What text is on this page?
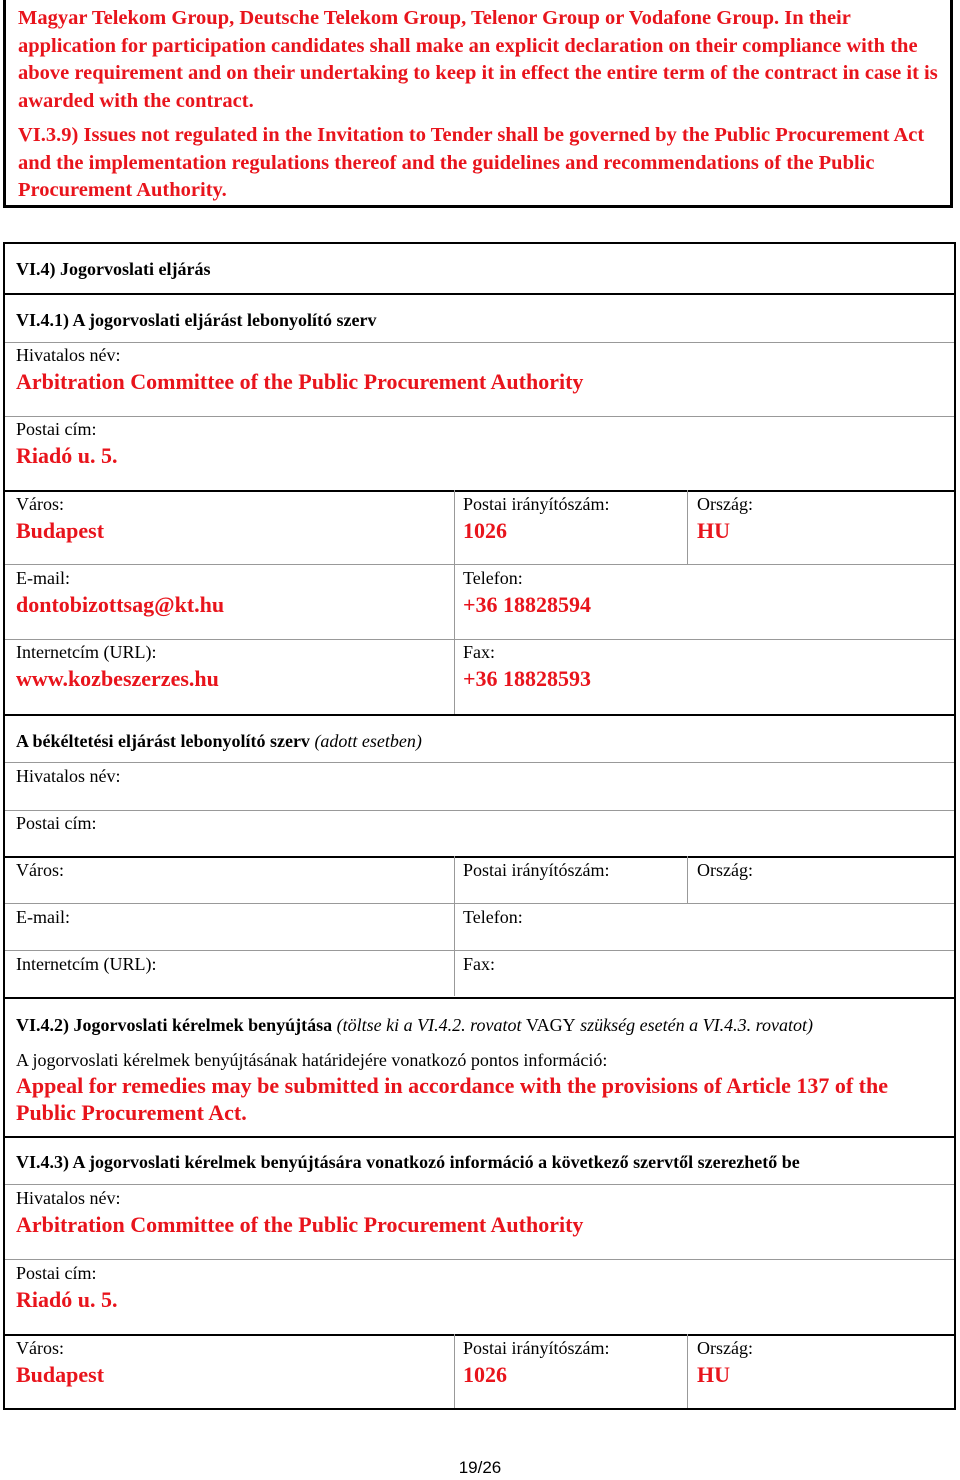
Magyar Telekom Group, Deutsche Telekom Group, Telenor Group or Vodafone Group. In their application for participation candidates shall make an explicit declaration on their compliance with the above requirement and on their undertaking to keep it in effect the entire term of the contract in case it is awarded with the contract.

VI.3.9) Issues not regulated in the Invitation to Tender shall be governed by the Public Procurement Act and the implementation regulations thereof and the guidelines and recommendations of the Public Procurement Authority.

VI.4) Jogorvoslati eljárás
VI.4.1) A jogorvoslati eljárást lebonyolító szerv
Hivatalos név:
Arbitration Committee of the Public Procurement Authority
Postai cím:
Riadó u. 5.
Város:
Budapest
Postai irányítószám:
1026
Ország:
HU
E-mail:
dontobizottsag@kt.hu
Telefon:
+36 18828594
Internetcím (URL):
www.kozbeszerzes.hu
Fax:
+36 18828593
A békéltetési eljárást lebonyolító szerv (adott esetben)
Hivatalos név:
Postai cím:
Város:	Postai irányítószám:	Ország:
E-mail:	Telefon:
Internetcím (URL):	Fax:
VI.4.2) Jogorvoslati kérelmek benyújtása (töltse ki a VI.4.2. rovatot VAGY szükség esetén a VI.4.3. rovatot)
A jogorvoslati kérelmek benyújtásának határidejére vonatkozó pontos információ:
Appeal for remedies may be submitted in accordance with the provisions of Article 137 of the Public Procurement Act.
VI.4.3) A jogorvoslati kérelmek benyújtására vonatkozó információ a következő szervtől szerezhető be
Hivatalos név:
Arbitration Committee of the Public Procurement Authority
Postai cím:
Riadó u. 5.
Város:
Budapest
Postai irányítószám:
1026
Ország:
HU
19/26
